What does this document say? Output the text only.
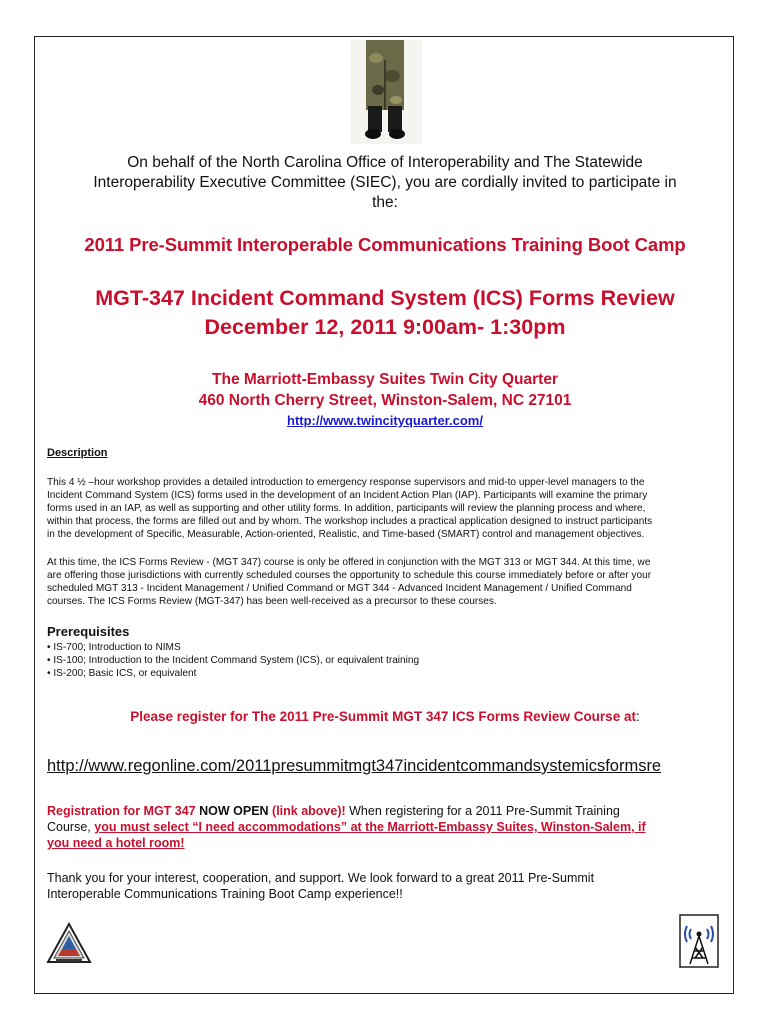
On behalf of the North Carolina Office of Interoperability and The Statewide
Interoperability Executive Committee (SIEC), you are cordially invited to participate in
the:
2011 Pre-Summit Interoperable Communications Training Boot Camp
MGT-347 Incident Command System (ICS) Forms Review
December 12, 2011 9:00am- 1:30pm
The Marriott-Embassy Suites Twin City Quarter
460 North Cherry Street, Winston-Salem, NC 27101
http://www.twincityquarter.com/
Description
This 4 ½ –hour workshop provides a detailed introduction to emergency response supervisors and mid-to upper-level managers to the
Incident Command System (ICS) forms used in the development of an Incident Action Plan (IAP). Participants will examine the primary
forms used in an IAP, as well as supporting and other utility forms. In addition, participants will review the planning process and where,
within that process, the forms are filled out and by whom. The workshop includes a practical application designed to instruct participants
in the development of Specific, Measurable, Action-oriented, Realistic, and Time-based (SMART) control and management objectives.
At this time, the ICS Forms Review - (MGT 347) course is only be offered in conjunction with the MGT 313 or MGT 344. At this time, we
are offering those jurisdictions with currently scheduled courses the opportunity to schedule this course immediately before or after your
scheduled MGT 313 - Incident Management / Unified Command or MGT 344 - Advanced Incident Management / Unified Command
courses. The ICS Forms Review (MGT-347) has been well-received as a precursor to these courses.
Prerequisites
• IS-700; Introduction to NIMS
• IS-100; Introduction to the Incident Command System (ICS), or equivalent training
• IS-200; Basic ICS, or equivalent
Please register for The 2011 Pre-Summit MGT 347 ICS Forms Review Course at:
http://www.regonline.com/2011presummitmgt347incidentcommandsystemicsformsre
Registration for MGT 347 NOW OPEN (link above)! When registering for a 2011 Pre-Summit Training
Course, you must select “I need accommodations” at the Marriott-Embassy Suites, Winston-Salem, if
you need a hotel room!
Thank you for your interest, cooperation, and support. We look forward to a great 2011 Pre-Summit
Interoperable Communications Training Boot Camp experience!!
